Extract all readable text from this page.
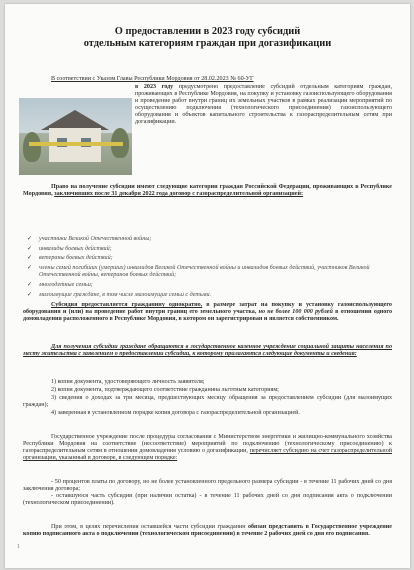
О предоставлении в 2023 году субсидий
отдельным категориям граждан при догазификации
В соответствии с Указом Главы Республики Мордовия от 28.02.2023 № 60-УГ

в 2023 году предусмотрено предоставление субсидий отдельным категориям граждан, проживающих в Республике Мордовия, на покупку и установку газоиспользующего оборудования и проведение работ внутри границ их земельных участков в рамках реализации мероприятий по осуществлению подключения (технологического присоединения) газоиспользующего оборудования и объектов капитального строительства к газораспределительным сетям при догазификации.

Право на получение субсидии имеют следующие категории граждан Российской Федерации, проживающих в Республике Мордовия, заключивших после 31 декабря 2022 года договор с газораспределительной организацией:

✓ участники Великой Отечественной войны;
✓ инвалиды боевых действий;
✓ ветераны боевых действий;
✓ члены семей погибших (умерших) инвалидов Великой Отечественной войны и инвалидов боевых действий, участников Великой Отечественной войны, ветеранов боевых действий;
✓ многодетные семьи;
✓ малоимущие граждане, в том числе малоимущие семьи с детьми.

Субсидия предоставляется гражданину однократно, в размере затрат на покупку и установку газоиспользующего оборудования и (или) на проведение работ внутри границ его земельного участка, но не более 100 000 рублей в отношении одного домовладения расположенного в Республике Мордовия, в котором он зарегистрирован и является собственником.

Для получения субсидии граждане обращаются в государственное казенное учреждение социальной защиты населения по месту жительства с заявлением о предоставлении субсидии, к которому прилагаются следующие документы и сведения:

1) копия документа, удостоверяющего личность заявителя;

2) копия документа, подтверждающего соответствие гражданина льготным категориям;

3) сведения о доходах за три месяца, предшествующих месяцу обращения за предоставлением субсидии (для малоимущих граждан);

4) заверенная в установленном порядке копия договора с газораспределительной организацией.

Государственное учреждение после процедуры согласования с Министерством энергетики и жилищно-коммунального хозяйства Республики Мордовия на соответствие (несоответствие) мероприятий по подключению (технологическому присоединению) к газораспределительным сетям в отношении домовладения условию о догазификации, перечисляет субсидию на счет газораспределительной организации, указанный в договоре, в следующем порядке:

- 50 процентов платы по договору, но не более установленного предельного размера субсидии - в течение 11 рабочих дней со дня заключения договора;

- оставшуюся часть субсидии (при наличии остатка) - в течение 11 рабочих дней со дня подписания акта о подключении (технологическом присоединении).

При этом, в целях перечисления оставшейся части субсидии гражданин обязан представить в Государственное учреждение копию подписанного акта о подключении (технологическом присоединении) в течение 2 рабочих дней со дня его подписания.

1
